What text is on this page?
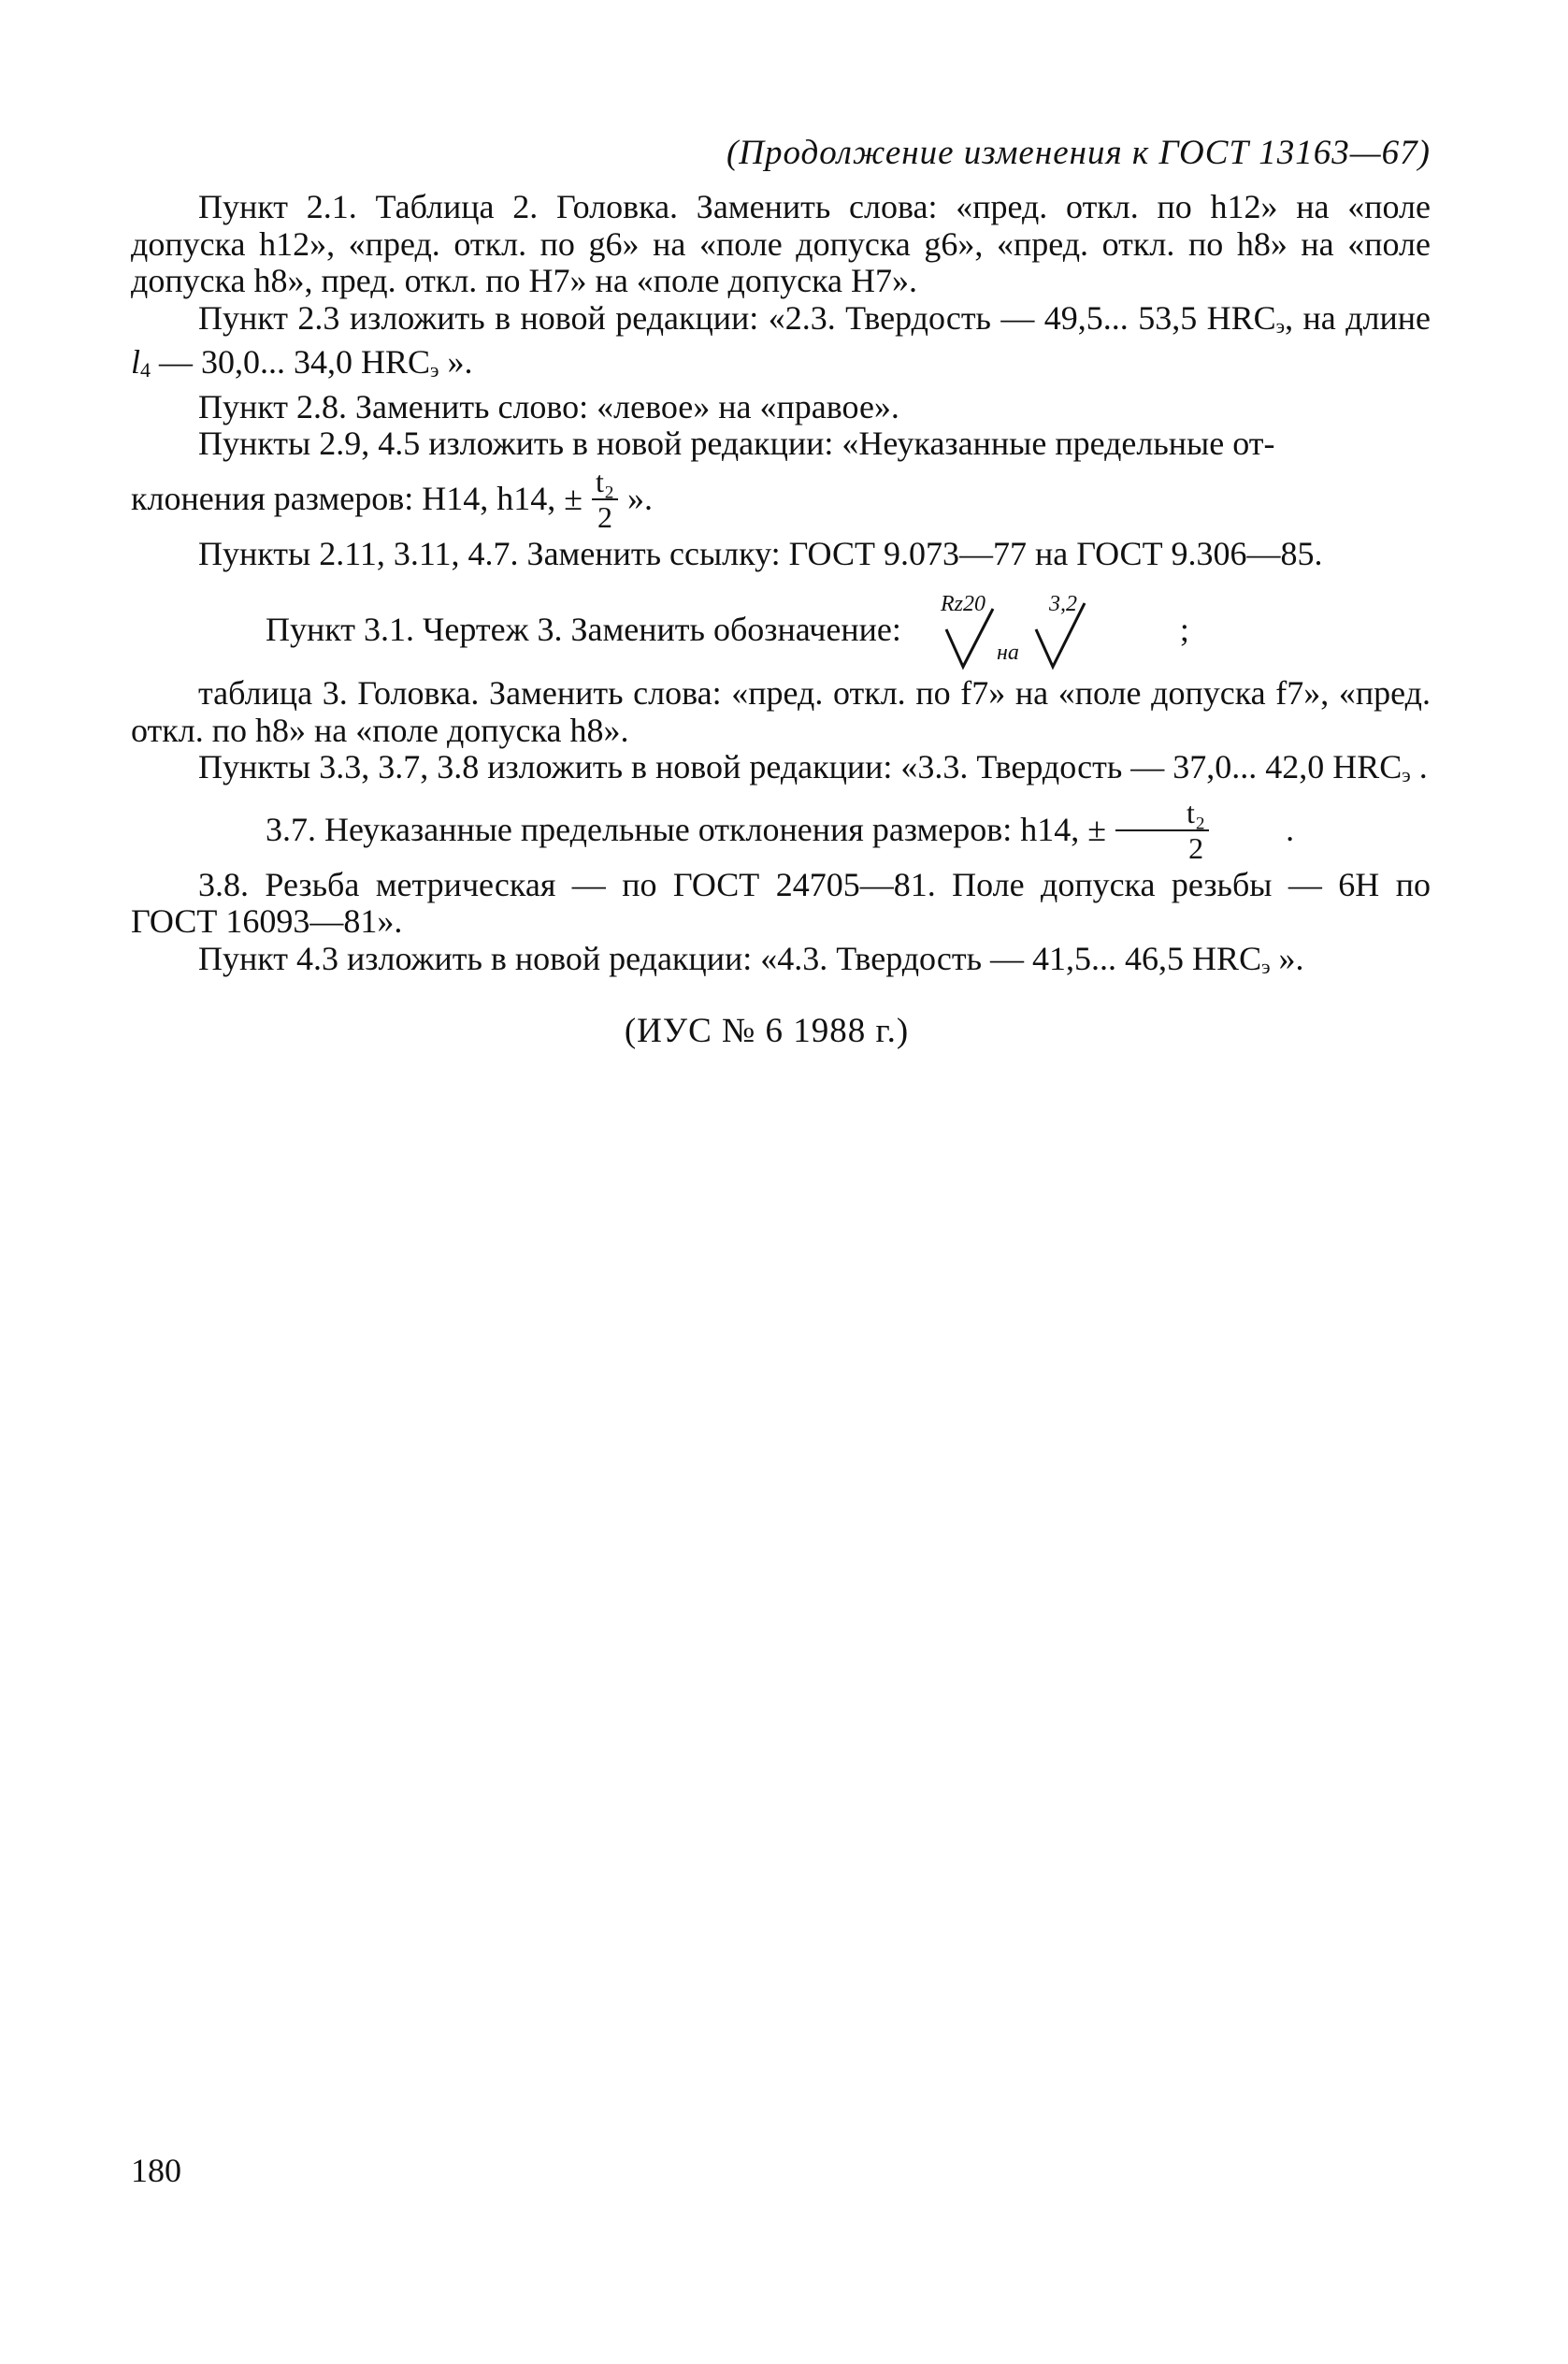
(Продолжение изменения к ГОСТ 13163—67)

Пункт 2.1. Таблица 2. Головка. Заменить слова: «пред. откл. по h12» на «поле допуска h12», «пред. откл. по g6» на «поле допуска g6», «пред. откл. по h8» на «поле допуска h8», пред. откл. по H7» на «поле допуска H7».

Пункт 2.3 изложить в новой редакции: «2.3. Твердость — 49,5... 53,5 HRCэ, на длине l4 — 30,0... 34,0 HRCэ ».

Пункт 2.8. Заменить слово: «левое» на «правое».

Пункты 2.9, 4.5 изложить в новой редакции: «Неуказанные предельные от-

клонения размеров: H14, h14, ± $\frac{\text{t₂}}{2}$ ».

Пункты 2.11, 3.11, 4.7. Заменить ссылку: ГОСТ 9.073—77 на ГОСТ 9.306—85.

Пункт 3.1. Чертеж 3. Заменить обозначение:
Rz20
на
3,2
;

таблица 3. Головка. Заменить слова: «пред. откл. по f7» на «поле допуска f7», «пред. откл. по h8» на «поле допуска h8».

Пункты 3.3, 3.7, 3.8 изложить в новой редакции: «3.3. Твердость — 37,0... 42,0 HRCэ .

3.7. Неуказанные предельные отклонения размеров: h14, ± $\frac{\text{t₂}}{2}$	.

3.8. Резьба метрическая — по ГОСТ 24705—81. Поле допуска резьбы — 6H по ГОСТ 16093—81».

Пункт 4.3 изложить в новой редакции: «4.3. Твердость — 41,5... 46,5 HRCэ ».

(ИУС № 6 1988 г.)
180
